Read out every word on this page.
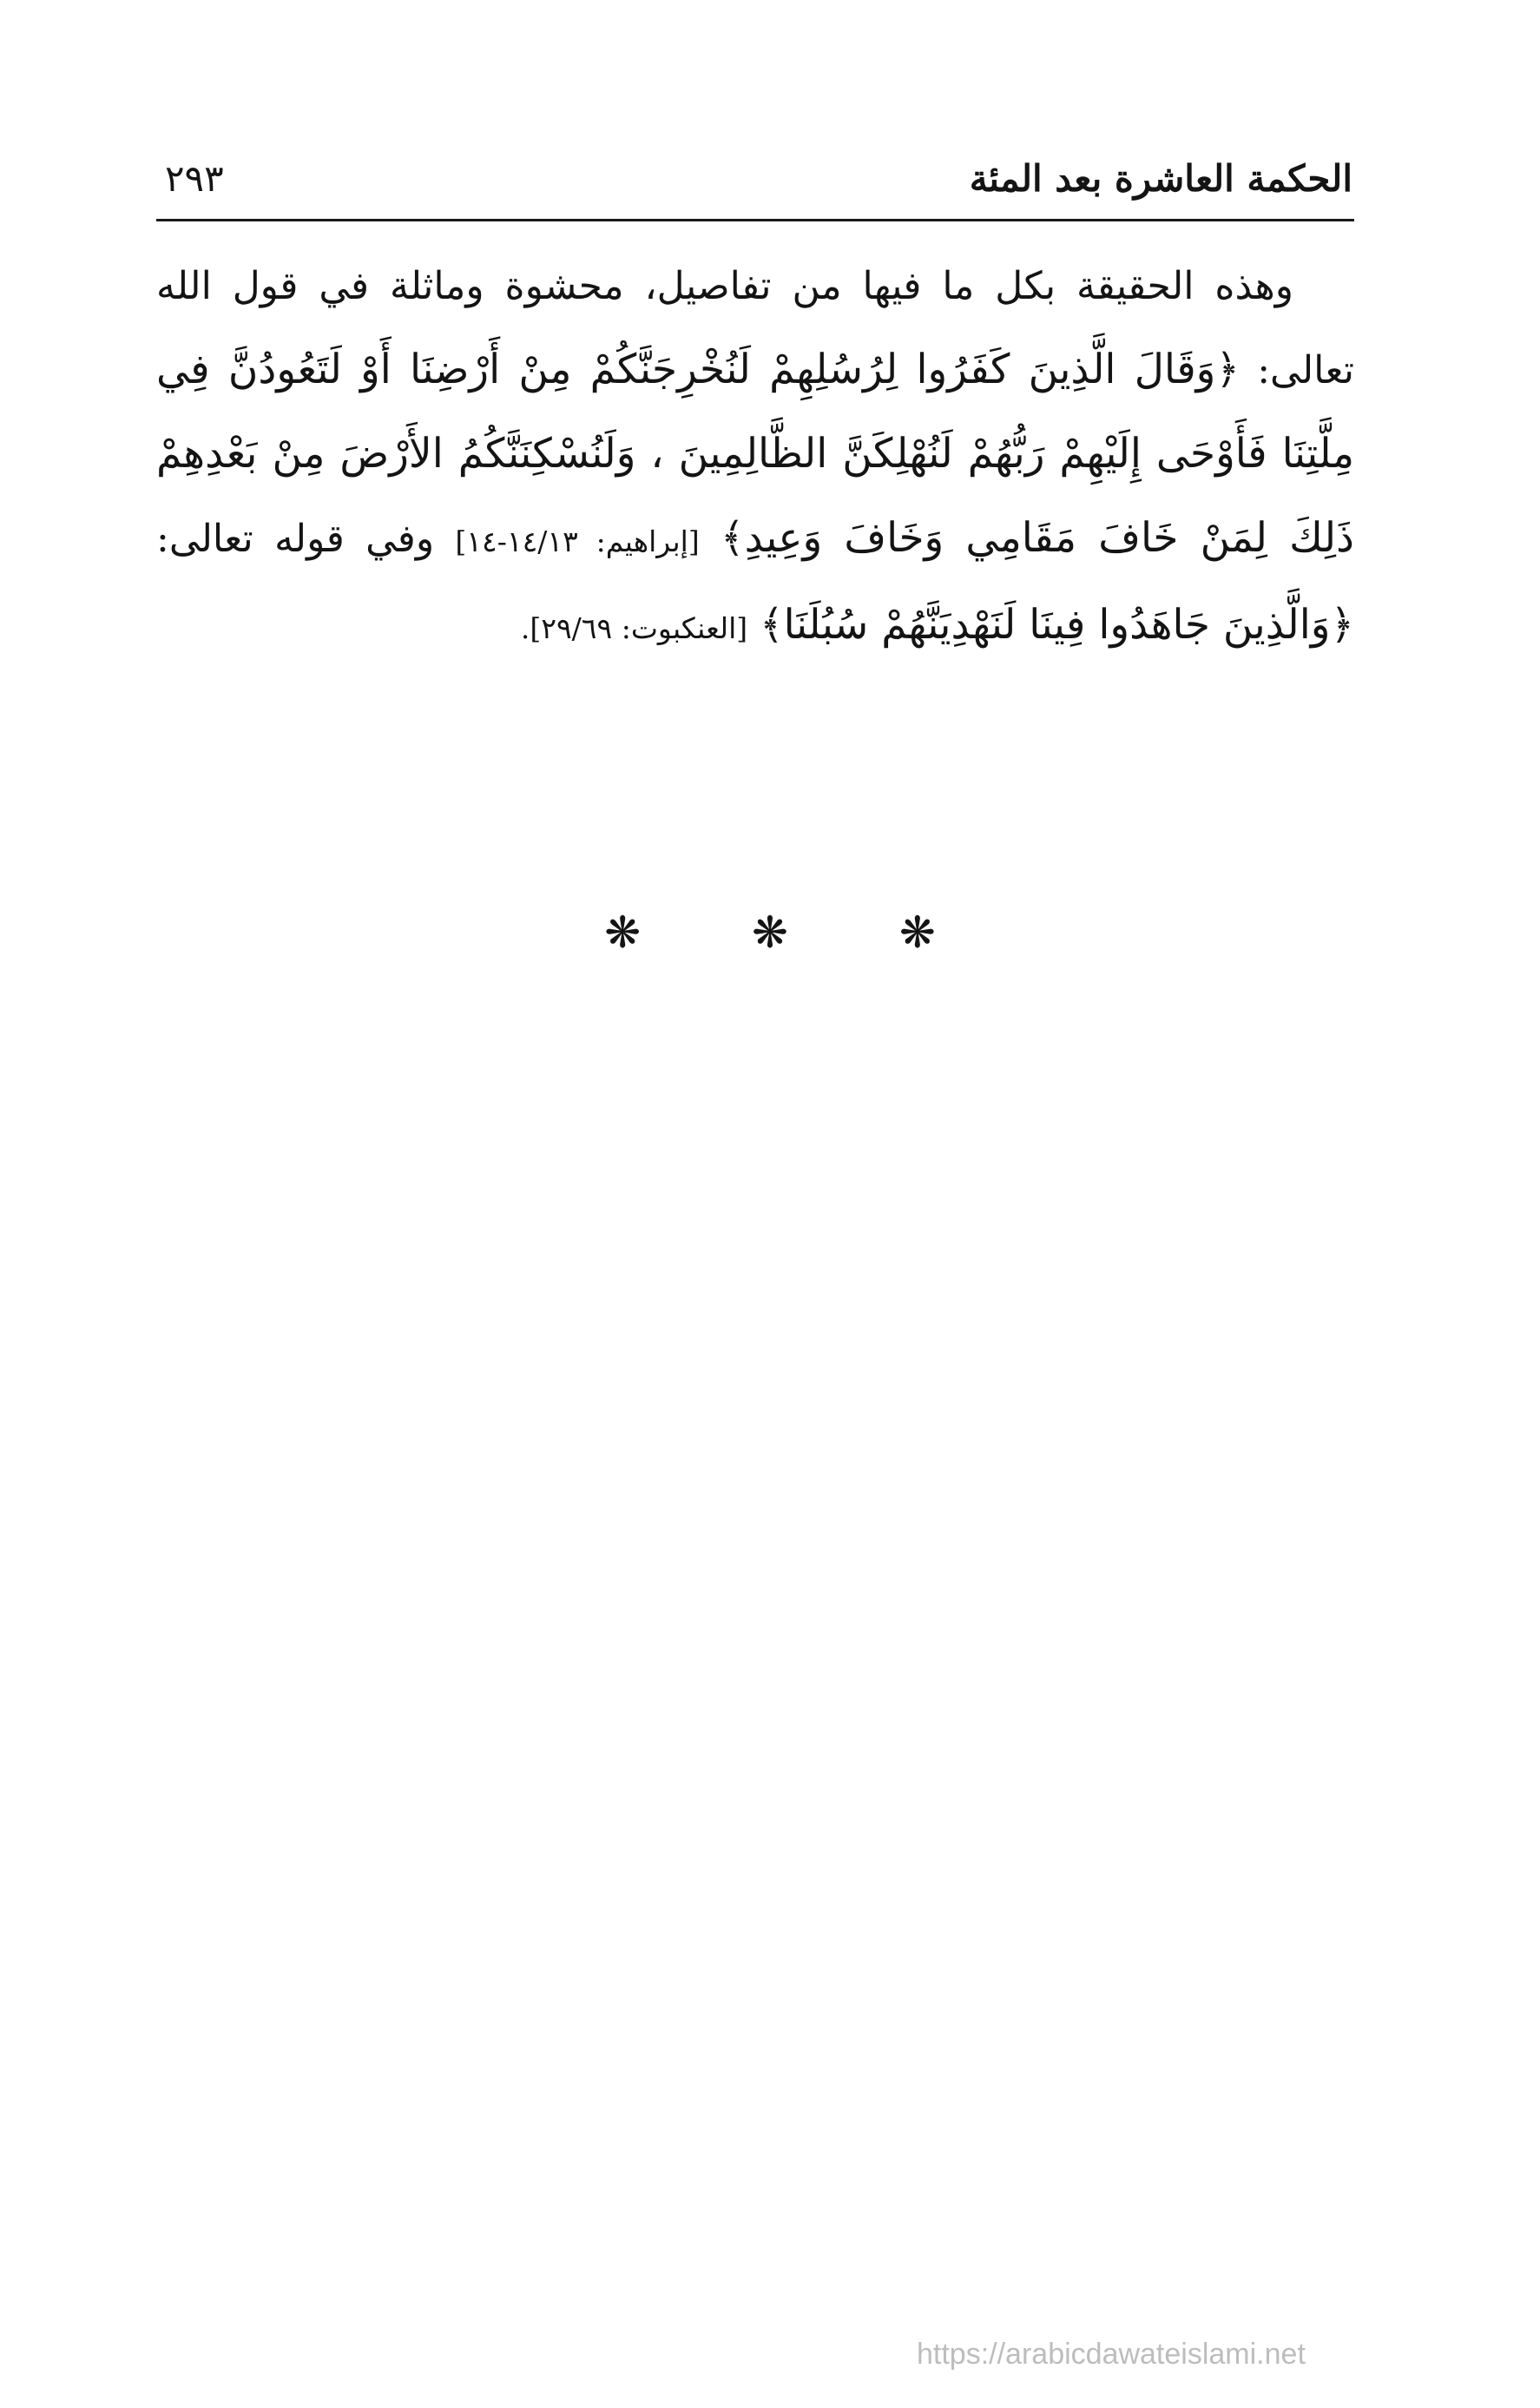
الحكمة العاشرة بعد المئة
٢٩٣

وهذه الحقيقة بكل ما فيها من تفاصيل، محشوة وماثلة في قول الله تعالى: ﴿وَقَالَ الَّذِينَ كَفَرُوا لِرُسُلِهِمْ لَنُخْرِجَنَّكُمْ مِنْ أَرْضِنَا أَوْ لَتَعُودُنَّ فِي مِلَّتِنَا فَأَوْحَى إِلَيْهِمْ رَبُّهُمْ لَنُهْلِكَنَّ الظَّالِمِينَ ، وَلَنُسْكِنَنَّكُمُ الأَرْضَ مِنْ بَعْدِهِمْ ذَلِكَ لِمَنْ خَافَ مَقَامِي وَخَافَ وَعِيدِ﴾ [إبراهيم: ١٤/١٣-١٤] وفي قوله تعالى: ﴿وَالَّذِينَ جَاهَدُوا فِينَا لَنَهْدِيَنَّهُمْ سُبُلَنَا﴾ [العنكبوت: ٢٩/٦٩].

❋	❋	❋
https://arabicdawateislami.net
